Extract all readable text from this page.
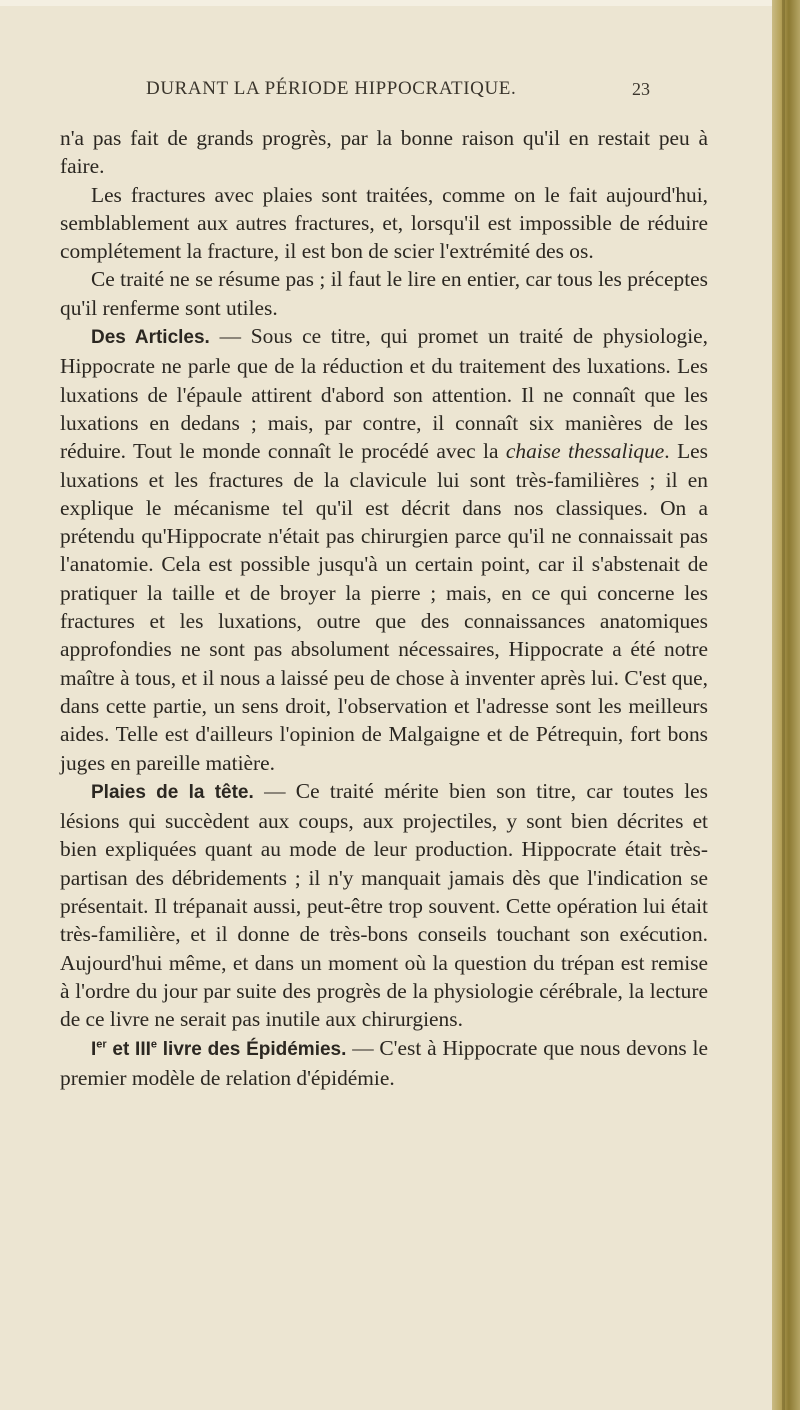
DURANT LA PÉRIODE HIPPOCRATIQUE.	23

n'a pas fait de grands progrès, par la bonne raison qu'il en restait peu à faire.

Les fractures avec plaies sont traitées, comme on le fait aujourd'hui, semblablement aux autres fractures, et, lorsqu'il est impossible de réduire complétement la fracture, il est bon de scier l'extrémité des os.

Ce traité ne se résume pas ; il faut le lire en entier, car tous les préceptes qu'il renferme sont utiles.

Des Articles. — Sous ce titre, qui promet un traité de physiologie, Hippocrate ne parle que de la réduction et du traitement des luxations. Les luxations de l'épaule attirent d'abord son attention. Il ne connaît que les luxations en dedans ; mais, par contre, il connaît six manières de les réduire. Tout le monde connaît le procédé avec la chaise thessalique. Les luxations et les fractures de la clavicule lui sont très-familières ; il en explique le mécanisme tel qu'il est décrit dans nos classiques. On a prétendu qu'Hippocrate n'était pas chirurgien parce qu'il ne connaissait pas l'anatomie. Cela est possible jusqu'à un certain point, car il s'abstenait de pratiquer la taille et de broyer la pierre ; mais, en ce qui concerne les fractures et les luxations, outre que des connaissances anatomiques approfondies ne sont pas absolument nécessaires, Hippocrate a été notre maître à tous, et il nous a laissé peu de chose à inventer après lui. C'est que, dans cette partie, un sens droit, l'observation et l'adresse sont les meilleurs aides. Telle est d'ailleurs l'opinion de Malgaigne et de Pétrequin, fort bons juges en pareille matière.

Plaies de la tête. — Ce traité mérite bien son titre, car toutes les lésions qui succèdent aux coups, aux projectiles, y sont bien décrites et bien expliquées quant au mode de leur production. Hippocrate était très-partisan des débridements ; il n'y manquait jamais dès que l'indication se présentait. Il trépanait aussi, peut-être trop souvent. Cette opération lui était très-familière, et il donne de très-bons conseils touchant son exécution. Aujourd'hui même, et dans un moment où la question du trépan est remise à l'ordre du jour par suite des progrès de la physiologie cérébrale, la lecture de ce livre ne serait pas inutile aux chirurgiens.

Ier et IIIe livre des Épidémies. — C'est à Hippocrate que nous devons le premier modèle de relation d'épidémie.
